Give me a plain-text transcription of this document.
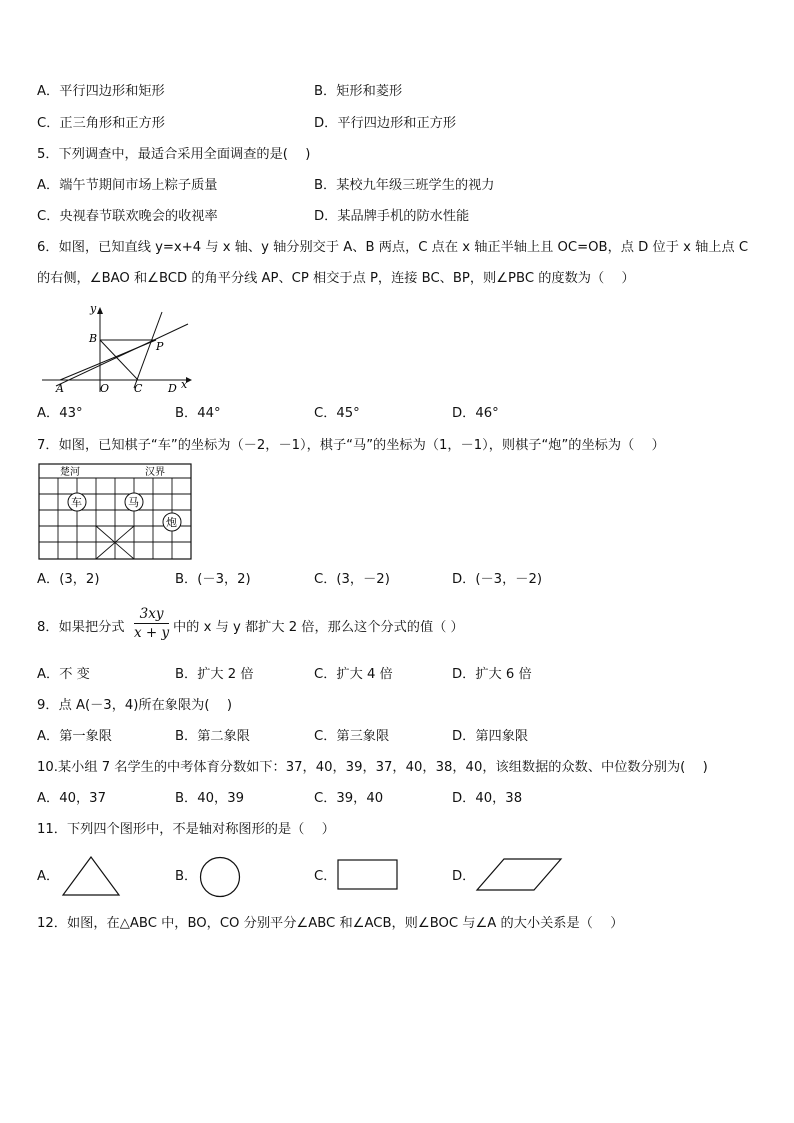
A．平行四边形和矩形	B．矩形和菱形
C．正三角形和正方形	D．平行四边形和正方形
5．下列调查中，最适合采用全面调查的是(　 )
A．端午节期间市场上粽子质量	B．某校九年级三班学生的视力
C．央视春节联欢晚会的收视率	D．某品牌手机的防水性能
6．如图，已知直线 y=x+4 与 x 轴、y 轴分别交于 A、B 两点，C 点在 x 轴正半轴上且 OC=OB，点 D 位于 x 轴上点 C
的右侧，∠BAO 和∠BCD 的角平分线 AP、CP 相交于点 P，连接 BC、BP，则∠PBC 的度数为（　 ）
y
B
P
A	O C D x
A．43°	B．44°	C．45°	D．46°
7．如图，已知棋子“车”的坐标为（－2，－1），棋子“马”的坐标为（1，－1），则棋子“炮”的坐标为（　 ）
楚河	汉界
车	马
炮
A．(3，2)	B．(－3，2)	C．(3，－2)	D．(－3，－2)
8．如果把分式 $\frac{3xy}{x + y}$ 中的 x 与 y 都扩大 2 倍，那么这个分式的值（ ）
A．不 变	B．扩大 2 倍	C．扩大 4 倍	D．扩大 6 倍
9．点 A(－3，4)所在象限为(　 )
A．第一象限	B．第二象限	C．第三象限	D．第四象限
10.某小组 7 名学生的中考体育分数如下：37，40，39，37，40，38，40，该组数据的众数、中位数分别为(　 )
A．40，37	B．40，39	C．39，40	D．40，38
11．下列四个图形中，不是轴对称图形的是（　 ）
A．	B．	C．	D．
12．如图，在△ABC 中，BO，CO 分别平分∠ABC 和∠ACB，则∠BOC 与∠A 的大小关系是（　 ）
